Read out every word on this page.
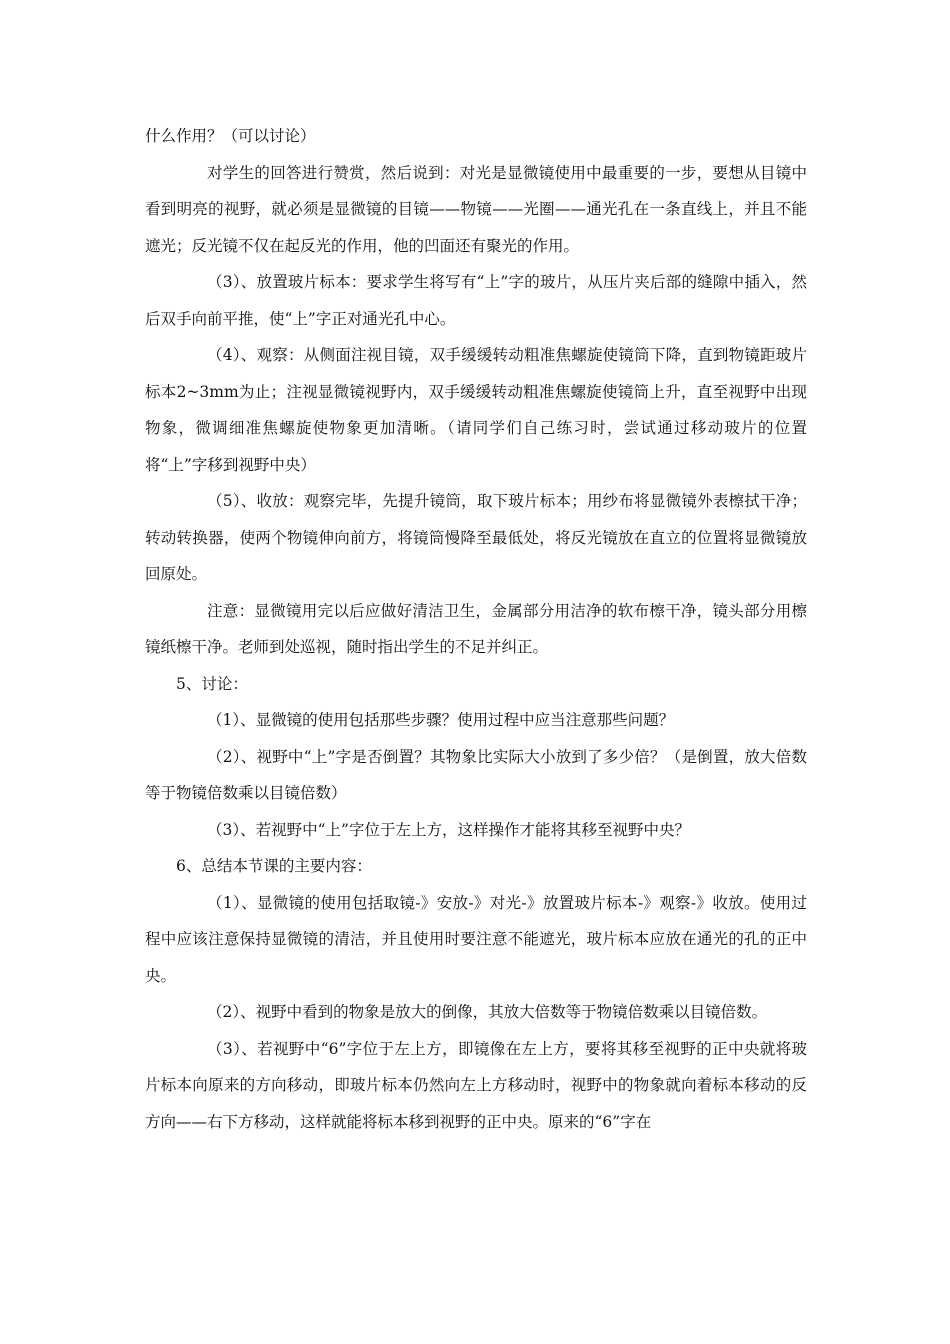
什么作用？（可以讨论）

对学生的回答进行赞赏，然后说到：对光是显微镜使用中最重要的一步，要想从目镜中看到明亮的视野，就必须是显微镜的目镜——物镜——光圈——通光孔在一条直线上，并且不能遮光；反光镜不仅在起反光的作用，他的凹面还有聚光的作用。

（3）、放置玻片标本：要求学生将写有“上”字的玻片，从压片夹后部的缝隙中插入，然后双手向前平推，使“上”字正对通光孔中心。

（4）、观察：从侧面注视目镜，双手缓缓转动粗准焦螺旋使镜筒下降，直到物镜距玻片标本2~3mm为止；注视显微镜视野内，双手缓缓转动粗准焦螺旋使镜筒上升，直至视野中出现物象，微调细准焦螺旋使物象更加清晰。（请同学们自己练习时，尝试通过移动玻片的位置将“上”字移到视野中央）

（5）、收放：观察完毕，先提升镜筒，取下玻片标本；用纱布将显微镜外表檫拭干净；转动转换器，使两个物镜伸向前方，将镜筒慢降至最低处，将反光镜放在直立的位置将显微镜放回原处。

注意：显微镜用完以后应做好清洁卫生，金属部分用洁净的软布檫干净，镜头部分用檫镜纸檫干净。老师到处巡视，随时指出学生的不足并纠正。

5、讨论：

（1）、显微镜的使用包括那些步骤？使用过程中应当注意那些问题？

（2）、视野中“上”字是否倒置？其物象比实际大小放到了多少倍？（是倒置，放大倍数等于物镜倍数乘以目镜倍数）

（3）、若视野中“上”字位于左上方，这样操作才能将其移至视野中央？

6、总结本节课的主要内容：

（1）、显微镜的使用包括取镜-》安放-》对光-》放置玻片标本-》观察-》收放。使用过程中应该注意保持显微镜的清洁，并且使用时要注意不能遮光，玻片标本应放在通光的孔的正中央。

（2）、视野中看到的物象是放大的倒像，其放大倍数等于物镜倍数乘以目镜倍数。

（3）、若视野中“6”字位于左上方，即镜像在左上方，要将其移至视野的正中央就将玻片标本向原来的方向移动，即玻片标本仍然向左上方移动时，视野中的物象就向着标本移动的反方向——右下方移动，这样就能将标本移到视野的正中央。原来的“6”字在
